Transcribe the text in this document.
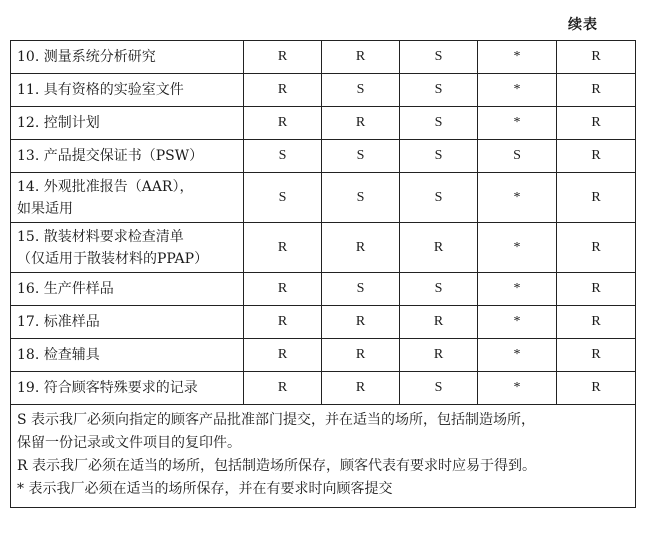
续表
10. 测量系统分析研究	R	R	S	*	R
11. 具有资格的实验室文件	R	S	S	*	R
12. 控制计划	R	R	S	*	R
13. 产品提交保证书（PSW）	S	S	S	S	R

14. 外观批准报告（AAR），
如果适用	S	S	S	*	R

15. 散装材料要求检查清单
（仅适用于散装材料的PPAP）	R	R	R	*	R
16. 生产件样品	R	S	S	*	R
17. 标准样品	R	R	R	*	R
18. 检查辅具	R	R	R	*	R
19. 符合顾客特殊要求的记录	R	R	S	*	R

S 表示我厂必须向指定的顾客产品批准部门提交，并在适当的场所，包括制造场所，
保留一份记录或文件项目的复印件。
R 表示我厂必须在适当的场所，包括制造场所保存，顾客代表有要求时应易于得到。
* 表示我厂必须在适当的场所保存，并在有要求时向顾客提交					
